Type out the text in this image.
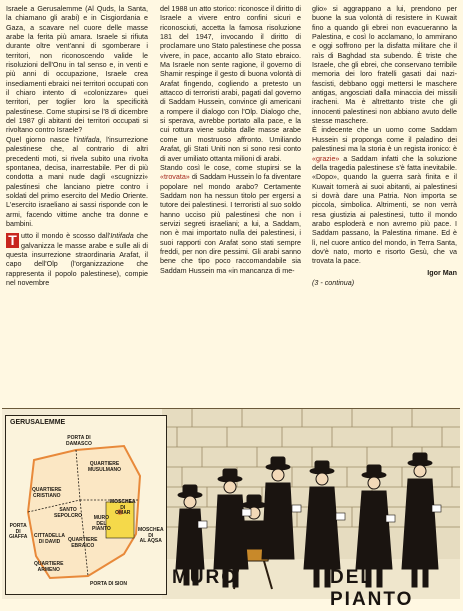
Israele a Gerusalemme (Al Quds, la Santa, la chiamano gli arabi) e in Cisgiordania e Gaza, a scavare nel cuore delle masse arabe la ferita più amara. Israele si rifiuta durante oltre vent'anni di sgomberare i territori, non riconoscendo valide le risoluzioni dell'Onu in tal senso e, in venti e più anni di occupazione, Israele crea insediamenti ebraici nei territori occupati con il chiaro intento di «colonizzare» quei territori, per toglier loro la specificità palestinese. Come stupirsi se l'8 di dicembre del 1987 gli abitanti dei territori occupati si rivoltano contro Israele?

Quel giorno nasce l'intifada, l'insurrezione palestinese che, al contrario di altri precedenti moti, si rivela subito una rivolta spontanea, decisa, inarrestabile. Per di più condotta a mani nude dagli «scugnizzi» palestinesi che lanciano pietre contro i soldati del primo esercito del Medio Oriente. L'esercito israeliano ai sassi risponde con le armi, facendo vittime anche tra donne e bambini.

T utto il mondo è scosso dall'Intifada che galvanizza le masse arabe e sulle ali di questa insurrezione straordinaria Arafat, il capo dell'Olp (l'organizzazione che rappresenta il popolo palestinese), compie nel novembre

del 1988 un atto storico: riconosce il diritto di Israele a vivere entro confini sicuri e riconosciuti, accetta la famosa risoluzione 181 del 1947, invocando il diritto di proclamare uno Stato palestinese che possa vivere, in pace, accanto allo Stato ebraico. Ma Israele non sente ragione, il governo di Shamir respinge il gesto di buona volontà di Arafat fingendo, cogliendo a pretesto un attacco di terroristi arabi, pagati dal governo di Saddam Hussein, convince gli americani a rompere il dialogo con l'Olp. Dialogo che, si sperava, avrebbe portato alla pace, e la cui rottura viene subita dalle masse arabe come un mostruoso affronto. Umiliando Arafat, gli Stati Uniti non si sono resi conto di aver umiliato ottanta milioni di arabi.

Stando così le cose, come stupirsi se la «trovata» di Saddam Hussein lo fa diventare popolare nel mondo arabo? Certamente Saddam non ha nessun titolo per ergersi a tutore dei palestinesi. I terroristi al suo soldo hanno ucciso più palestinesi che non i servizi segreti israeliani; a lui, a Saddam, non è mai importato nulla dei palestinesi, i suoi rapporti con Arafat sono stati sempre freddi, per non dire pessimi. Gli arabi sanno bene che tipo poco raccomandabile sia Saddam Hussein ma «in mancanza di me-

glio» si aggrappano a lui, prendono per buone la sua volontà di resistere in Kuwait fino a quando gli ebrei non evacueranno la Palestina, e così lo acclamano, lo ammirano e oggi soffrono per la disfatta militare che il raìs di Baghdad sta subendo. È triste che Israele, che gli ebrei, che conservano terribile memoria dei loro fratelli gasati dai nazi-fascisti, debbano oggi mettersi le maschere antigas, angosciati dalla minaccia dei missili iracheni. Ma è altrettanto triste che gli innocenti palestinesi non abbiano avuto delle stesse maschere.

È indecente che un uomo come Saddam Hussein si proponga come il paladino dei palestinesi ma la storia è un regista ironico: è «grazie» a Saddam infatti che la soluzione della tragedia palestinese s'è fatta inevitabile. «Dopo», quando la guerra sarà finita e il Kuwait tornerà ai suoi abitanti, ai palestinesi si dovrà dare una Patria. Non importa se piccola, simbolica. Altrimenti, se non verrà resa giustizia ai palestinesi, tutto il mondo arabo esploderà e non avremo più pace. I Saddam passano, la Palestina rimane. Ed è lì, nel cuore antico del mondo, in Terra Santa, dov'è nato, morto e risorto Gesù, che va trovata la pace.

Igor Man

(3 - continua)

GERUSALEMME
PORTA DI
DAMASCO
QUARTIERE
MUSULMANO
QUARTIERE
CRISTIANO
SANTO
SEPOLCRO
PORTA
DI
GIAFFA CITTADELLA
DI DAVID	QUARTIERE
EBRAICO
QUARTIERE
ARMENO
PORTA DI SION
MURO
DEL
PIANTO
MOSCHEA
DI
OMAR
MOSCHEA
DI
AL AQSA
MURO	DEL PIANTO
